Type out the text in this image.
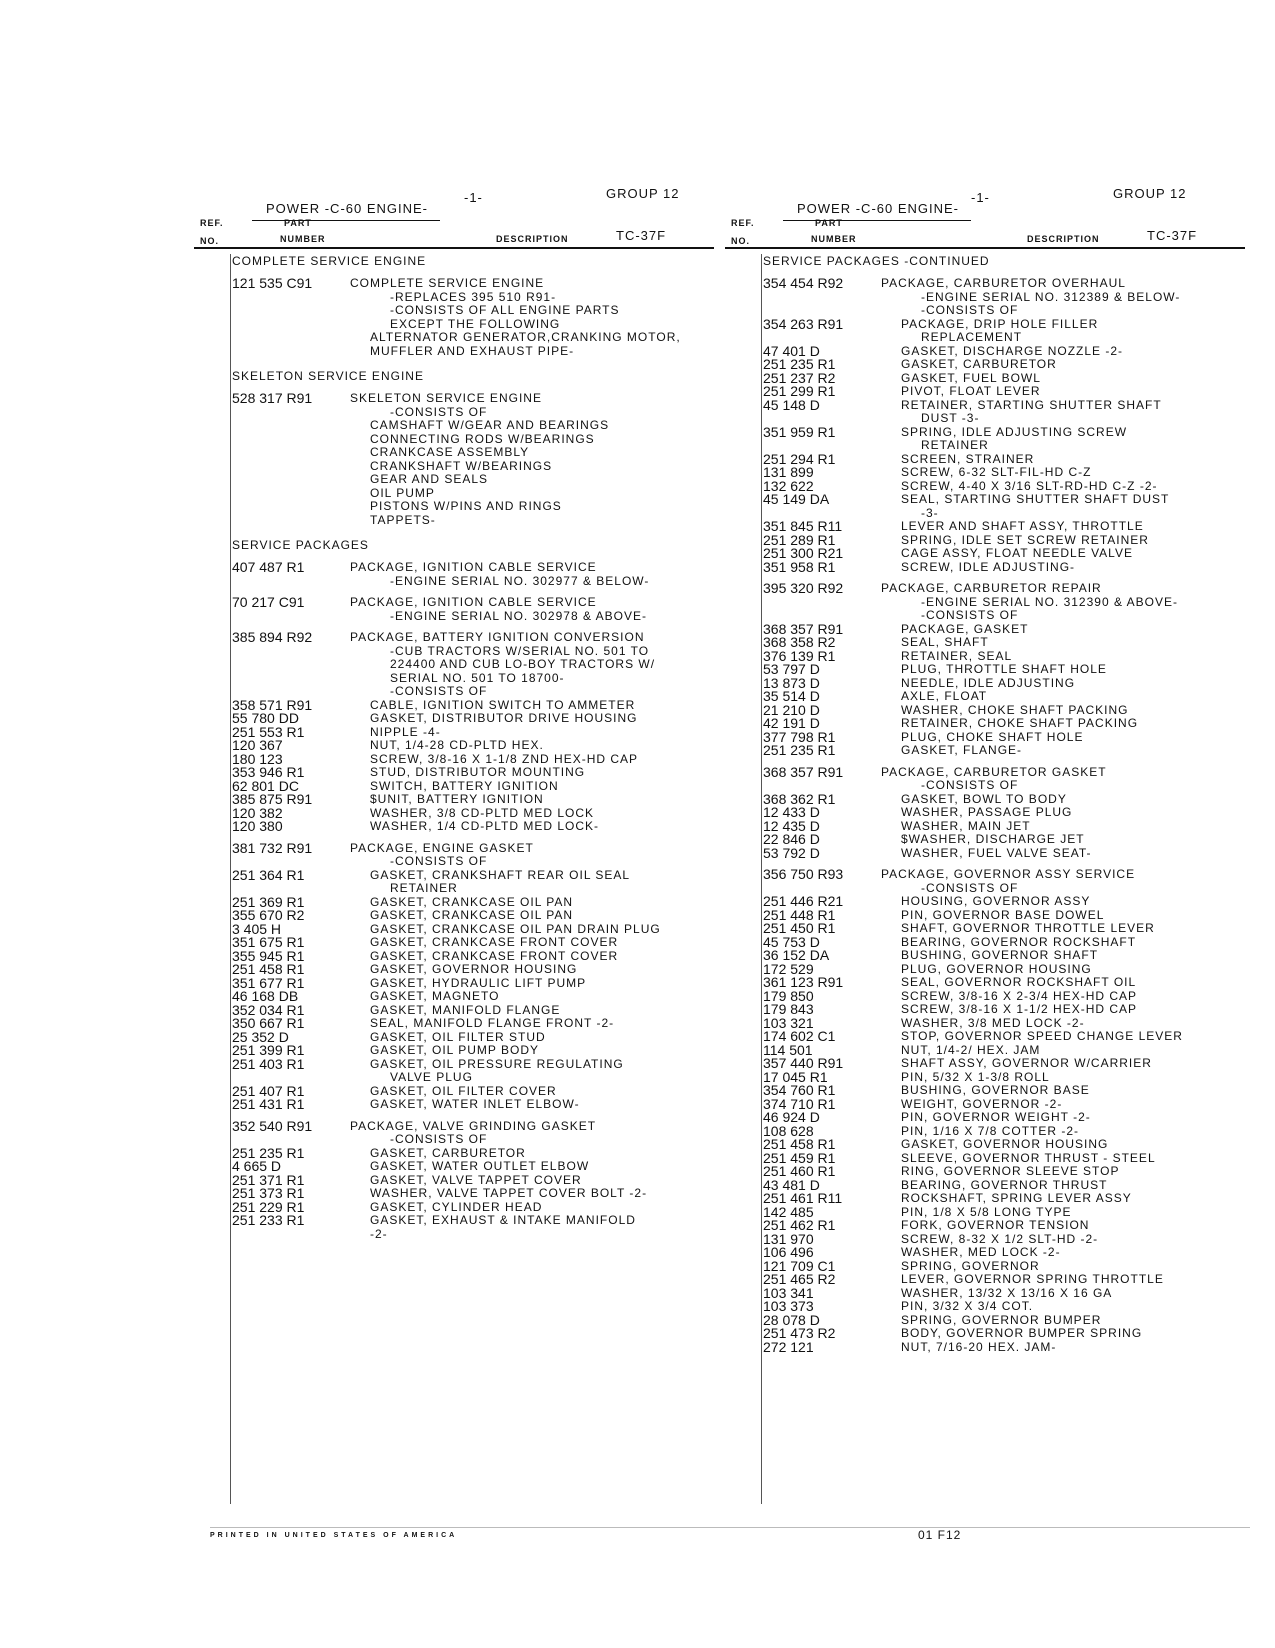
-1-	GROUP 12
POWER -C-60 ENGINE-
REF.
NO.
PART
NUMBER	DESCRIPTION	TC-37F
COMPLETE SERVICE ENGINE
121 535 C91	COMPLETE SERVICE ENGINE
-REPLACES 395 510 R91-
-CONSISTS OF ALL ENGINE PARTS
EXCEPT THE FOLLOWING
ALTERNATOR GENERATOR,CRANKING MOTOR,
MUFFLER AND EXHAUST PIPE-
SKELETON SERVICE ENGINE
528 317 R91	SKELETON SERVICE ENGINE
-CONSISTS OF
CAMSHAFT W/GEAR AND BEARINGS
CONNECTING RODS W/BEARINGS
CRANKCASE ASSEMBLY
CRANKSHAFT W/BEARINGS
GEAR AND SEALS
OIL PUMP
PISTONS W/PINS AND RINGS
TAPPETS-
SERVICE PACKAGES
407 487 R1	PACKAGE, IGNITION CABLE SERVICE
-ENGINE SERIAL NO. 302977 & BELOW-
70 217 C91	PACKAGE, IGNITION CABLE SERVICE
-ENGINE SERIAL NO. 302978 & ABOVE-
385 894 R92	PACKAGE, BATTERY IGNITION CONVERSION
-CUB TRACTORS W/SERIAL NO. 501 TO
224400 AND CUB LO-BOY TRACTORS W/
SERIAL NO. 501 TO 18700-
-CONSISTS OF
358 571 R91	CABLE, IGNITION SWITCH TO AMMETER
55 780 DD	GASKET, DISTRIBUTOR DRIVE HOUSING
251 553 R1	NIPPLE -4-
120 367	NUT, 1/4-28 CD-PLTD HEX.
180 123	SCREW, 3/8-16 X 1-1/8 ZND HEX-HD CAP
353 946 R1	STUD, DISTRIBUTOR MOUNTING
62 801 DC	SWITCH, BATTERY IGNITION
385 875 R91	$UNIT, BATTERY IGNITION
120 382	WASHER, 3/8 CD-PLTD MED LOCK
120 380	WASHER, 1/4 CD-PLTD MED LOCK-
381 732 R91	PACKAGE, ENGINE GASKET
-CONSISTS OF
251 364 R1	GASKET, CRANKSHAFT REAR OIL SEAL
RETAINER
251 369 R1	GASKET, CRANKCASE OIL PAN
355 670 R2	GASKET, CRANKCASE OIL PAN
3 405 H	GASKET, CRANKCASE OIL PAN DRAIN PLUG
351 675 R1	GASKET, CRANKCASE FRONT COVER
355 945 R1	GASKET, CRANKCASE FRONT COVER
251 458 R1	GASKET, GOVERNOR HOUSING
351 677 R1	GASKET, HYDRAULIC LIFT PUMP
46 168 DB	GASKET, MAGNETO
352 034 R1	GASKET, MANIFOLD FLANGE
350 667 R1	SEAL, MANIFOLD FLANGE FRONT -2-
25 352 D	GASKET, OIL FILTER STUD
251 399 R1	GASKET, OIL PUMP BODY
251 403 R1	GASKET, OIL PRESSURE REGULATING
VALVE PLUG
251 407 R1	GASKET, OIL FILTER COVER
251 431 R1	GASKET, WATER INLET ELBOW-
352 540 R91	PACKAGE, VALVE GRINDING GASKET
-CONSISTS OF
251 235 R1	GASKET, CARBURETOR
4 665 D	GASKET, WATER OUTLET ELBOW
251 371 R1	GASKET, VALVE TAPPET COVER
251 373 R1	WASHER, VALVE TAPPET COVER BOLT -2-
251 229 R1	GASKET, CYLINDER HEAD
251 233 R1	GASKET, EXHAUST & INTAKE MANIFOLD
-2-
-1-	GROUP 12
POWER -C-60 ENGINE-
REF.
NO.
PART
NUMBER	DESCRIPTION	TC-37F
SERVICE PACKAGES -CONTINUED
354 454 R92	PACKAGE, CARBURETOR OVERHAUL
-ENGINE SERIAL NO. 312389 & BELOW-
-CONSISTS OF
354 263 R91	PACKAGE, DRIP HOLE FILLER
REPLACEMENT
47 401 D	GASKET, DISCHARGE NOZZLE -2-
251 235 R1	GASKET, CARBURETOR
251 237 R2	GASKET, FUEL BOWL
251 299 R1	PIVOT, FLOAT LEVER
45 148 D	RETAINER, STARTING SHUTTER SHAFT
DUST -3-
351 959 R1	SPRING, IDLE ADJUSTING SCREW
RETAINER
251 294 R1	SCREEN, STRAINER
131 899	SCREW, 6-32 SLT-FIL-HD C-Z
132 622	SCREW, 4-40 X 3/16 SLT-RD-HD C-Z -2-
45 149 DA	SEAL, STARTING SHUTTER SHAFT DUST
-3-
351 845 R11	LEVER AND SHAFT ASSY, THROTTLE
251 289 R1	SPRING, IDLE SET SCREW RETAINER
251 300 R21	CAGE ASSY, FLOAT NEEDLE VALVE
351 958 R1	SCREW, IDLE ADJUSTING-
395 320 R92	PACKAGE, CARBURETOR REPAIR
-ENGINE SERIAL NO. 312390 & ABOVE-
-CONSISTS OF
368 357 R91	PACKAGE, GASKET
368 358 R2	SEAL, SHAFT
376 139 R1	RETAINER, SEAL
53 797 D	PLUG, THROTTLE SHAFT HOLE
13 873 D	NEEDLE, IDLE ADJUSTING
35 514 D	AXLE, FLOAT
21 210 D	WASHER, CHOKE SHAFT PACKING
42 191 D	RETAINER, CHOKE SHAFT PACKING
377 798 R1	PLUG, CHOKE SHAFT HOLE
251 235 R1	GASKET, FLANGE-
368 357 R91	PACKAGE, CARBURETOR GASKET
-CONSISTS OF
368 362 R1	GASKET, BOWL TO BODY
12 433 D	WASHER, PASSAGE PLUG
12 435 D	WASHER, MAIN JET
22 846 D	$WASHER, DISCHARGE JET
53 792 D	WASHER, FUEL VALVE SEAT-
356 750 R93	PACKAGE, GOVERNOR ASSY SERVICE
-CONSISTS OF
251 446 R21	HOUSING, GOVERNOR ASSY
251 448 R1	PIN, GOVERNOR BASE DOWEL
251 450 R1	SHAFT, GOVERNOR THROTTLE LEVER
45 753 D	BEARING, GOVERNOR ROCKSHAFT
36 152 DA	BUSHING, GOVERNOR SHAFT
172 529	PLUG, GOVERNOR HOUSING
361 123 R91	SEAL, GOVERNOR ROCKSHAFT OIL
179 850	SCREW, 3/8-16 X 2-3/4 HEX-HD CAP
179 843	SCREW, 3/8-16 X 1-1/2 HEX-HD CAP
103 321	WASHER, 3/8 MED LOCK -2-
174 602 C1	STOP, GOVERNOR SPEED CHANGE LEVER
114 501	NUT, 1/4-2/ HEX. JAM
357 440 R91	SHAFT ASSY, GOVERNOR W/CARRIER
17 045 R1	PIN, 5/32 X 1-3/8 ROLL
354 760 R1	BUSHING, GOVERNOR BASE
374 710 R1	WEIGHT, GOVERNOR -2-
46 924 D	PIN, GOVERNOR WEIGHT -2-
108 628	PIN, 1/16 X 7/8 COTTER -2-
251 458 R1	GASKET, GOVERNOR HOUSING
251 459 R1	SLEEVE, GOVERNOR THRUST - STEEL
251 460 R1	RING, GOVERNOR SLEEVE STOP
43 481 D	BEARING, GOVERNOR THRUST
251 461 R11	ROCKSHAFT, SPRING LEVER ASSY
142 485	PIN, 1/8 X 5/8 LONG TYPE
251 462 R1	FORK, GOVERNOR TENSION
131 970	SCREW, 8-32 X 1/2 SLT-HD -2-
106 496	WASHER, MED LOCK -2-
121 709 C1	SPRING, GOVERNOR
251 465 R2	LEVER, GOVERNOR SPRING THROTTLE
103 341	WASHER, 13/32 X 13/16 X 16 GA
103 373	PIN, 3/32 X 3/4 COT.
28 078 D	SPRING, GOVERNOR BUMPER
251 473 R2	BODY, GOVERNOR BUMPER SPRING
272 121	NUT, 7/16-20 HEX. JAM-
PRINTED IN UNITED STATES OF AMERICA	01 F12
